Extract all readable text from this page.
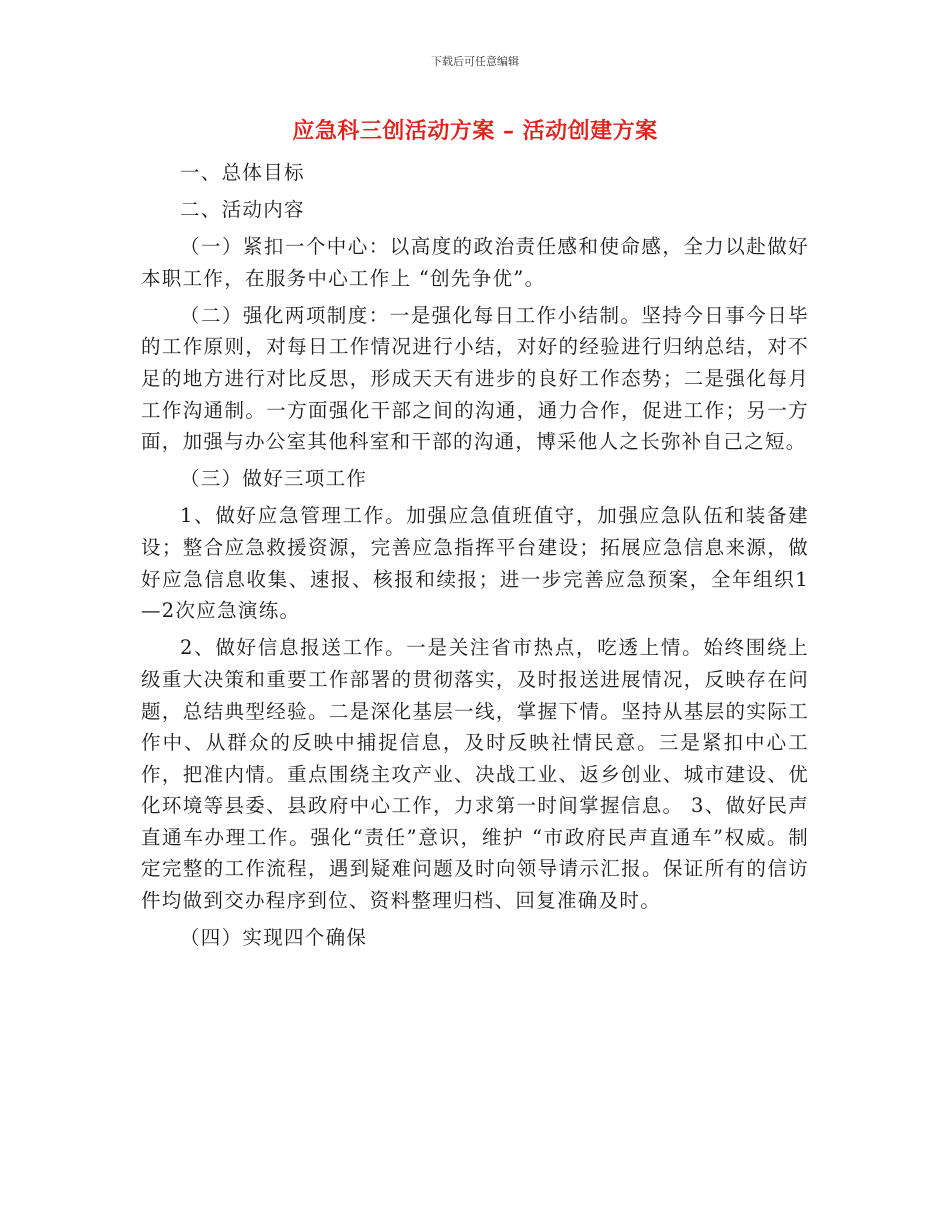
下载后可任意编辑
应急科三创活动方案 – 活动创建方案

一、总体目标

二、活动内容

（一）紧扣一个中心：以高度的政治责任感和使命感，全力以赴做好本职工作，在服务中心工作上 “创先争优”。

（二）强化两项制度：一是强化每日工作小结制。坚持今日事今日毕的工作原则，对每日工作情况进行小结，对好的经验进行归纳总结，对不足的地方进行对比反思，形成天天有进步的良好工作态势；二是强化每月工作沟通制。一方面强化干部之间的沟通，通力合作，促进工作；另一方面，加强与办公室其他科室和干部的沟通，博采他人之长弥补自己之短。

（三）做好三项工作

1、做好应急管理工作。加强应急值班值守，加强应急队伍和装备建设；整合应急救援资源，完善应急指挥平台建设；拓展应急信息来源，做好应急信息收集、速报、核报和续报；进一步完善应急预案，全年组织1—2次应急演练。

2、做好信息报送工作。一是关注省市热点，吃透上情。始终围绕上级重大决策和重要工作部署的贯彻落实，及时报送进展情况，反映存在问题，总结典型经验。二是深化基层一线，掌握下情。坚持从基层的实际工作中、从群众的反映中捕捉信息，及时反映社情民意。三是紧扣中心工作，把准内情。重点围绕主攻产业、决战工业、返乡创业、城市建设、优化环境等县委、县政府中心工作，力求第一时间掌握信息。 3、做好民声直通车办理工作。强化“责任”意识，维护 “市政府民声直通车”权威。制定完整的工作流程，遇到疑难问题及时向领导请示汇报。保证所有的信访件均做到交办程序到位、资料整理归档、回复准确及时。

（四）实现四个确保
